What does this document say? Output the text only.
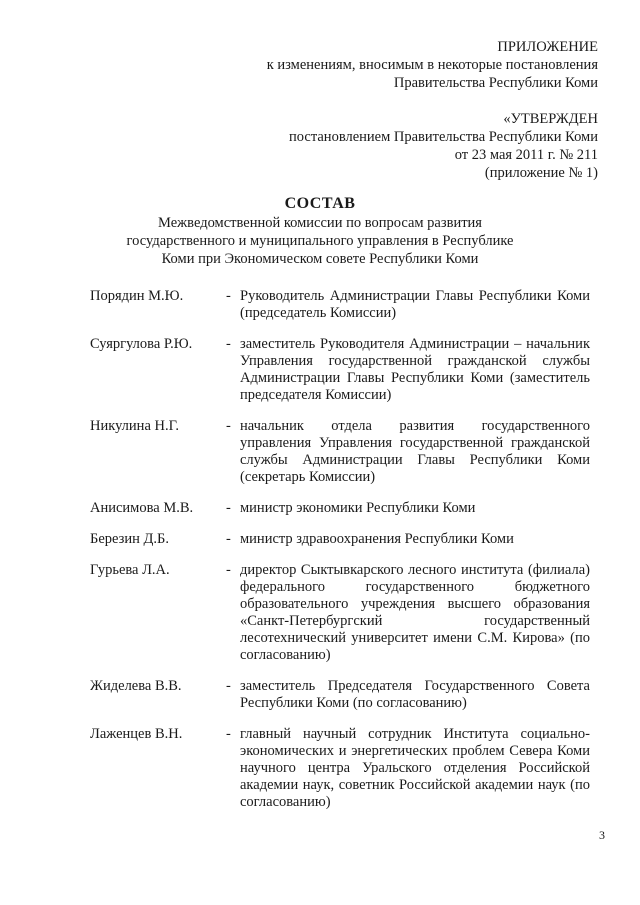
ПРИЛОЖЕНИЕ
к изменениям, вносимым в некоторые постановления
Правительства Республики Коми
«УТВЕРЖДЕН
постановлением Правительства Республики Коми
от 23 мая 2011 г. № 211
(приложение № 1)
СОСТАВ
Межведомственной комиссии по вопросам развития
государственного и муниципального управления в Республике
Коми при Экономическом совете Республики Коми
Порядин М.Ю.	- Руководитель Администрации Главы Республики Коми (председатель Комиссии)
Суяргулова Р.Ю.	- заместитель Руководителя Администрации – начальник Управления государственной гражданской службы Администрации Главы Республики Коми (заместитель председателя Комиссии)
Никулина Н.Г.	- начальник отдела развития государственного управления Управления государственной гражданской службы Администрации Главы Республики Коми (секретарь Комиссии)
Анисимова М.В.	- министр экономики Республики Коми
Березин Д.Б.	- министр здравоохранения Республики Коми
Гурьева Л.А.	- директор Сыктывкарского лесного института (филиала) федерального государственного бюджетного образовательного учреждения высшего образования «Санкт-Петербургский государственный лесотехнический университет имени С.М. Кирова» (по согласованию)
Жиделева В.В.	- заместитель Председателя Государственного Совета Республики Коми (по согласованию)
Лаженцев В.Н.	- главный научный сотрудник Института социально-экономических и энергетических проблем Севера Коми научного центра Уральского отделения Российской академии наук, советник Российской академии наук (по согласованию)
3
